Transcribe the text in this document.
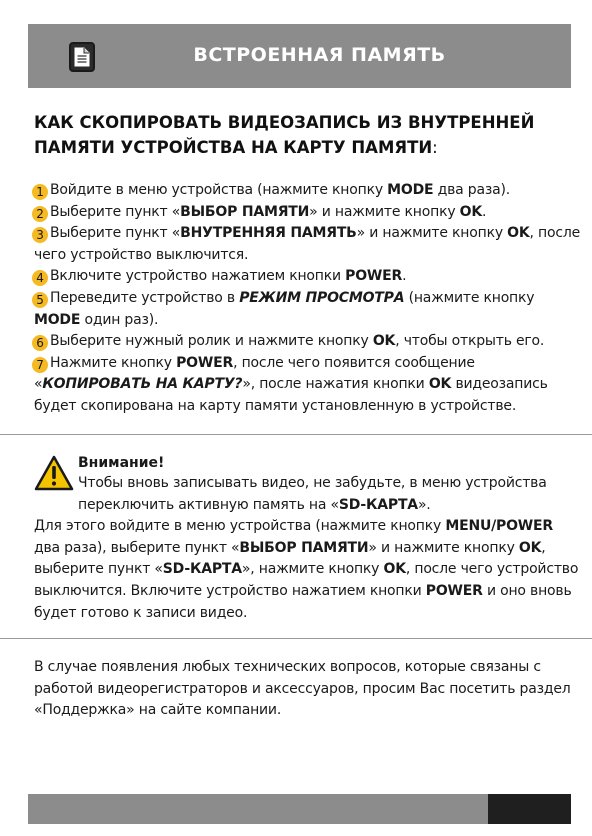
ВСТРОЕННАЯ ПАМЯТЬ
КАК СКОПИРОВАТЬ ВИДЕОЗАПИСЬ ИЗ ВНУТРЕННЕЙ ПАМЯТИ УСТРОЙСТВА НА КАРТУ ПАМЯТИ:
1 Войдите в меню устройства (нажмите кнопку MODE два раза).
2 Выберите пункт «ВЫБОР ПАМЯТИ» и нажмите кнопку OK.
3 Выберите пункт «ВНУТРЕННЯЯ ПАМЯТЬ» и нажмите кнопку OK, после чего устройство выключится.
4 Включите устройство нажатием кнопки POWER.
5 Переведите устройство в РЕЖИМ ПРОСМОТРА (нажмите кнопку MODE один раз).
6 Выберите нужный ролик и нажмите кнопку OK, чтобы открыть его.
7 Нажмите кнопку POWER, после чего появится сообщение «КОПИРОВАТЬ НА КАРТУ?», после нажатия кнопки OK видеозапись будет скопирована на карту памяти установленную в устройстве.
Внимание!
Чтобы вновь записывать видео, не забудьте, в меню устройства переключить активную память на «SD-КАРТА».
Для этого войдите в меню устройства (нажмите кнопку MENU/POWER два раза), выберите пункт «ВЫБОР ПАМЯТИ» и нажмите кнопку OK, выберите пункт «SD-КАРТА», нажмите кнопку OK, после чего устройство выключится. Включите устройство нажатием кнопки POWER и оно вновь будет готово к записи видео.
В случае появления любых технических вопросов, которые связаны с работой видеорегистраторов и аксессуаров, просим Вас посетить раздел «Поддержка» на сайте компании.
